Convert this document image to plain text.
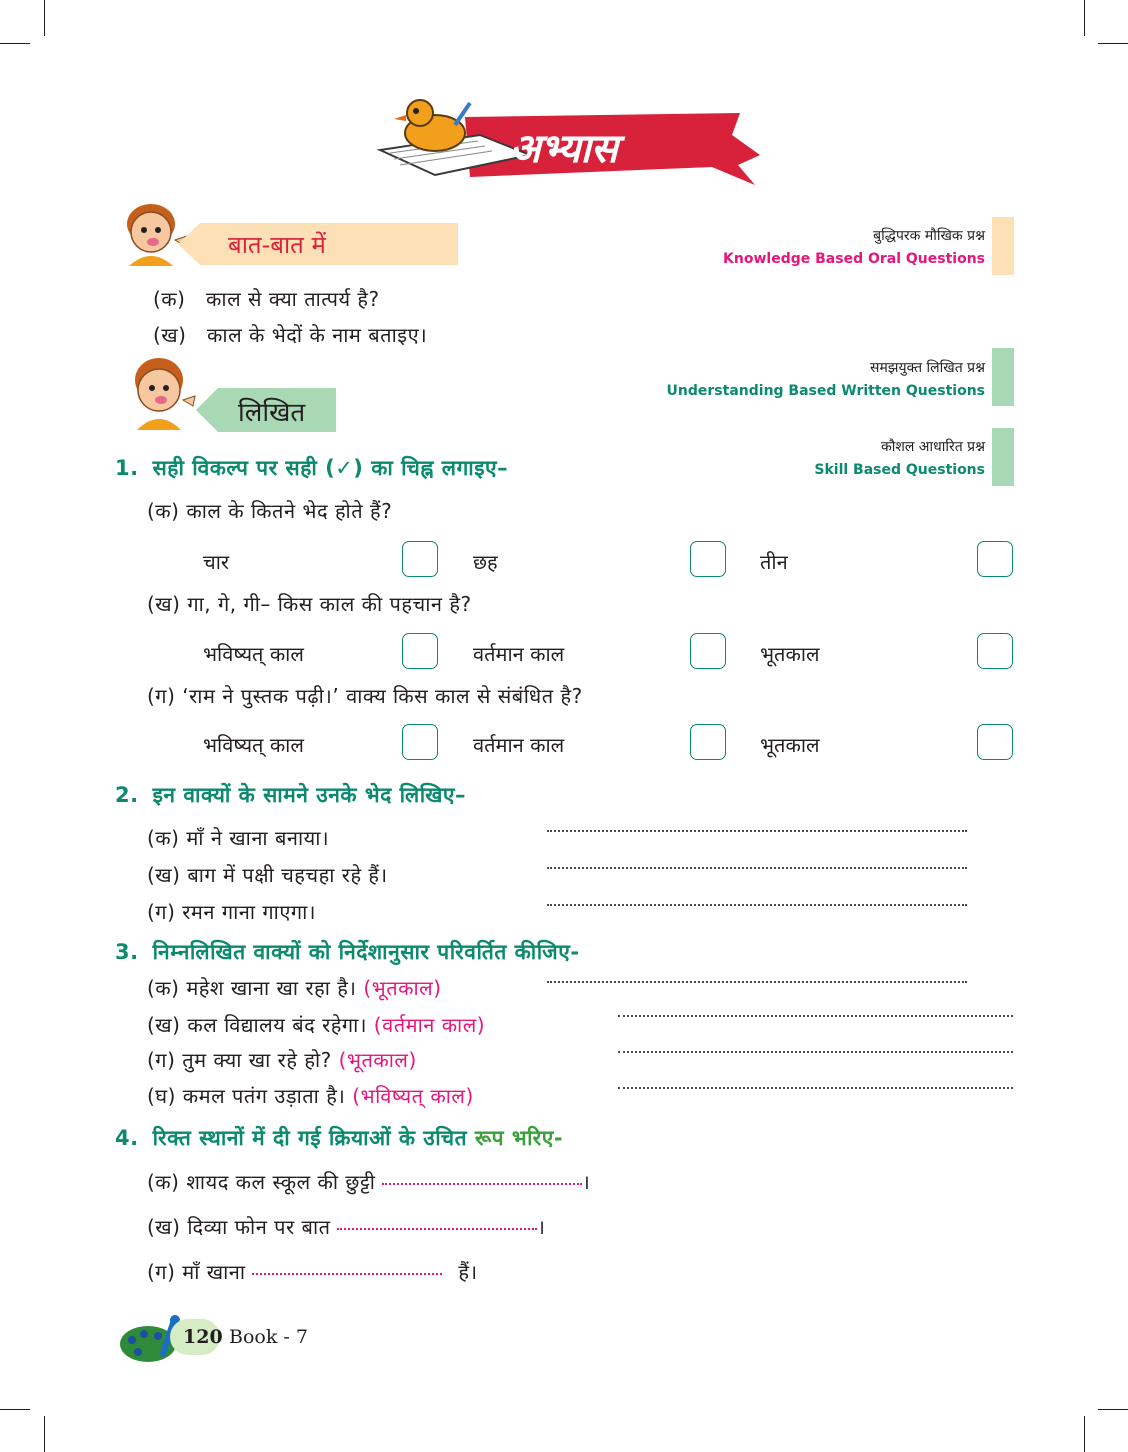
अभ्यास
बात-बात में	बुद्धिपरक मौखिक प्रश्न
Knowledge Based Oral Questions
(क) काल से क्या तात्पर्य है?
(ख) काल के भेदों के नाम बताइए।
लिखित
समझयुक्त लिखित प्रश्न
Understanding Based Written Questions
कौशल आधारित प्रश्न
Skill Based Questions
1. सही विकल्प पर सही (✓) का चिह्न लगाइए–
(क) काल के कितने भेद होते हैं?
चार	छह	तीन
(ख) गा, गे, गी– किस काल की पहचान है?
भविष्यत् काल	वर्तमान काल	भूतकाल
(ग) ‘राम ने पुस्तक पढ़ी।’ वाक्य किस काल से संबंधित है?
भविष्यत् काल	वर्तमान काल	भूतकाल
2. इन वाक्यों के सामने उनके भेद लिखिए–
(क) माँ ने खाना बनाया।
(ख) बाग में पक्षी चहचहा रहे हैं।
(ग) रमन गाना गाएगा।
3. निम्नलिखित वाक्यों को निर्देशानुसार परिवर्तित कीजिए-
(क) महेश खाना खा रहा है। (भूतकाल)
(ख) कल विद्यालय बंद रहेगा। (वर्तमान काल)
(ग) तुम क्या खा रहे हो? (भूतकाल)
(घ) कमल पतंग उड़ाता है। (भविष्यत् काल)
4. रिक्त स्थानों में दी गई क्रियाओं के उचित रूप भरिए-
(क) शायद कल स्कूल की छुट्टी	।
(ख) दिव्या फोन पर बात	।
(ग) माँ खाना	हैं।
120 Book - 7
